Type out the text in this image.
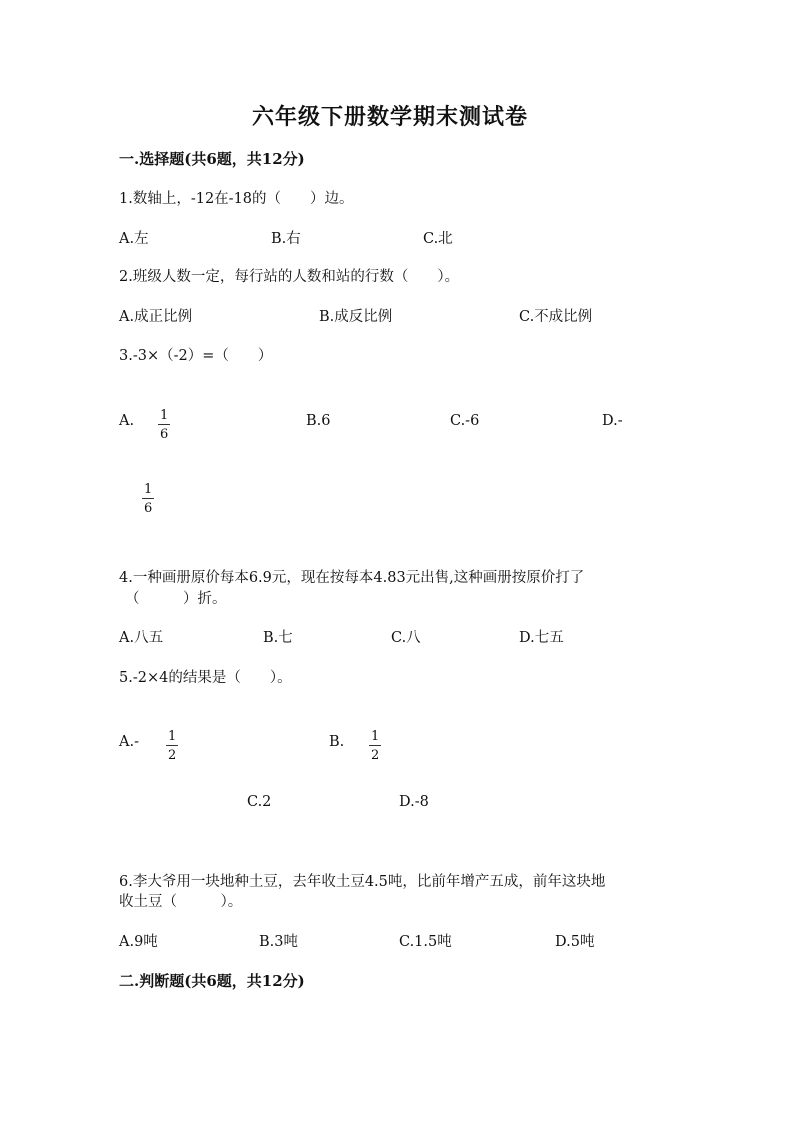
六年级下册数学期末测试卷
一.选择题(共6题，共12分)
1.数轴上，-12在-18的（　　）边。
A.左	B.右	C.北
2.班级人数一定，每行站的人数和站的行数（　　）。
A.成正比例	B.成反比例	C.不成比例
3.-3×（-2）=（　　）
A. 1
6
B.6	C.-6	D.-
1
6
4.一种画册原价每本6.9元，现在按每本4.83元出售,这种画册按原价打了
（　　　）折。
A.八五	B.七	C.八	D.七五
5.-2×4的结果是（　　）。
A.- 1
2
B. 1
2
C.2	D.-8
6.李大爷用一块地种土豆，去年收土豆4.5吨，比前年增产五成，前年这块地
收土豆（　　　）。
A.9吨	B.3吨	C.1.5吨	D.5吨
二.判断题(共6题，共12分)
